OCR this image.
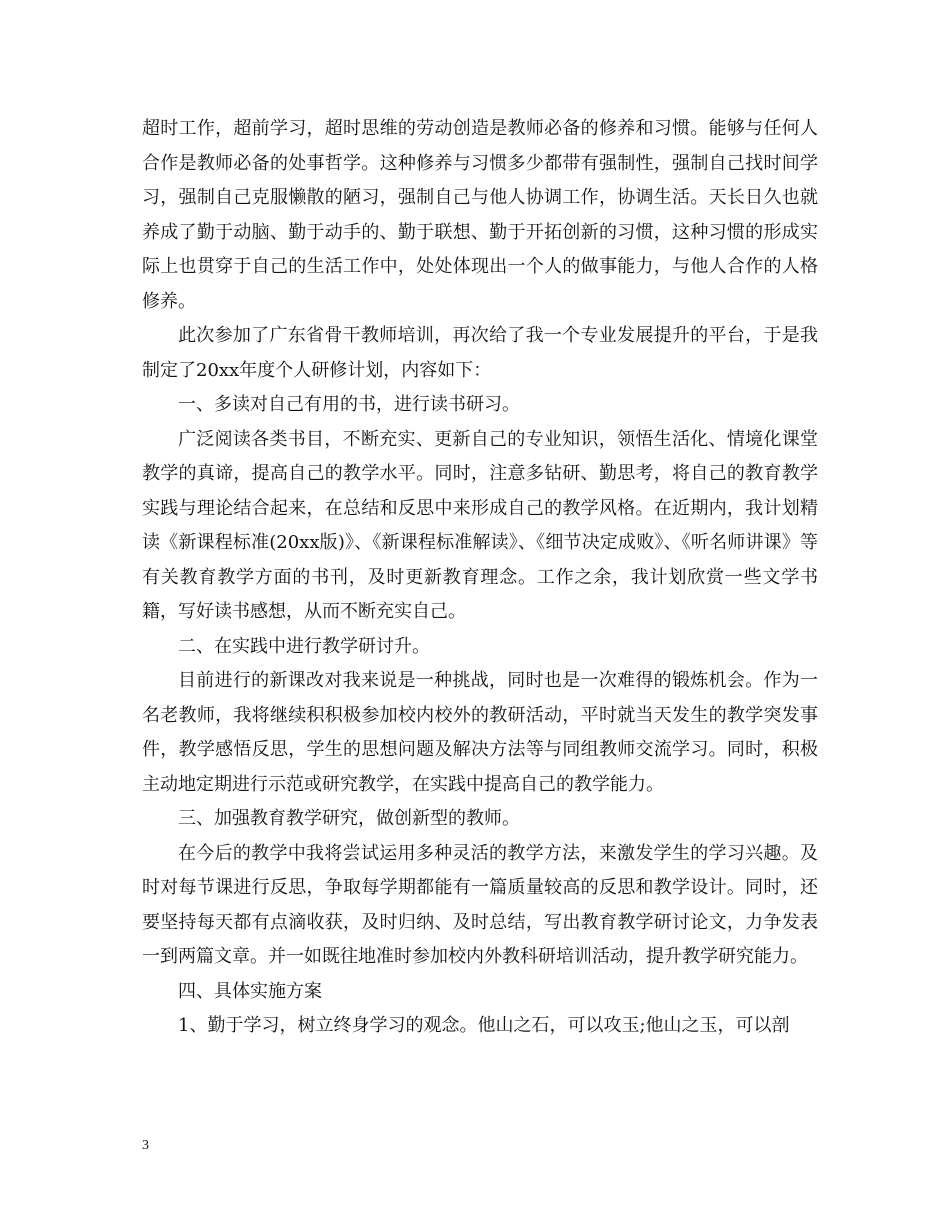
超时工作，超前学习，超时思维的劳动创造是教师必备的修养和习惯。能够与任何人合作是教师必备的处事哲学。这种修养与习惯多少都带有强制性，强制自己找时间学习，强制自己克服懒散的陋习，强制自己与他人协调工作，协调生活。天长日久也就养成了勤于动脑、勤于动手的、勤于联想、勤于开拓创新的习惯，这种习惯的形成实际上也贯穿于自己的生活工作中，处处体现出一个人的做事能力，与他人合作的人格修养。

此次参加了广东省骨干教师培训，再次给了我一个专业发展提升的平台，于是我制定了20xx年度个人研修计划，内容如下：

一、多读对自己有用的书，进行读书研习。

广泛阅读各类书目，不断充实、更新自己的专业知识，领悟生活化、情境化课堂教学的真谛，提高自己的教学水平。同时，注意多钻研、勤思考，将自己的教育教学实践与理论结合起来，在总结和反思中来形成自己的教学风格。在近期内，我计划精读《新课程标准(20xx版)》、《新课程标准解读》、《细节决定成败》、《听名师讲课》等有关教育教学方面的书刊，及时更新教育理念。工作之余，我计划欣赏一些文学书籍，写好读书感想，从而不断充实自己。

二、在实践中进行教学研讨升。

目前进行的新课改对我来说是一种挑战，同时也是一次难得的锻炼机会。作为一名老教师，我将继续积积极参加校内校外的教研活动，平时就当天发生的教学突发事件，教学感悟反思，学生的思想问题及解决方法等与同组教师交流学习。同时，积极主动地定期进行示范或研究教学，在实践中提高自己的教学能力。

三、加强教育教学研究，做创新型的教师。

在今后的教学中我将尝试运用多种灵活的教学方法，来激发学生的学习兴趣。及时对每节课进行反思，争取每学期都能有一篇质量较高的反思和教学设计。同时，还要坚持每天都有点滴收获，及时归纳、及时总结，写出教育教学研讨论文，力争发表一到两篇文章。并一如既往地准时参加校内外教科研培训活动，提升教学研究能力。

四、具体实施方案

1、勤于学习，树立终身学习的观念。他山之石，可以攻玉;他山之玉，可以剖

3
